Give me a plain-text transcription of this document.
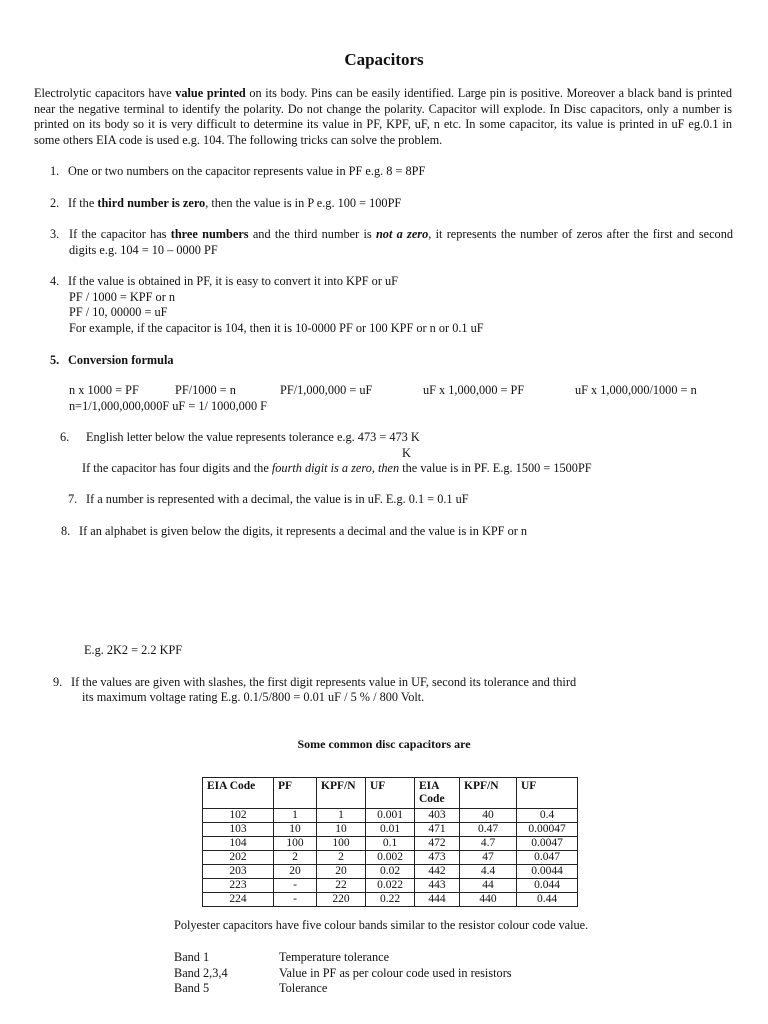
Capacitors
Electrolytic capacitors have value printed on its body. Pins can be easily identified. Large pin is positive. Moreover a black band is printed near the negative terminal to identify the polarity. Do not change the polarity. Capacitor will explode. In Disc capacitors, only a number is printed on its body so it is very difficult to determine its value in PF, KPF, uF, n etc. In some capacitor, its value is printed in uF eg.0.1 in some others EIA code is used e.g. 104. The following tricks can solve the problem.
1. One or two numbers on the capacitor represents value in PF e.g. 8 = 8PF
2. If the third number is zero, then the value is in P e.g. 100 = 100PF
3. If the capacitor has three numbers and the third number is not a zero, it represents the number of zeros after the first and second digits e.g. 104 = 10 – 0000 PF
4. If the value is obtained in PF, it is easy to convert it into KPF or uF
PF / 1000 = KPF or n
PF / 10, 00000 = uF
For example, if the capacitor is 104, then it is 10-0000 PF or 100 KPF or n or 0.1 uF
5. Conversion formula
n x 1000 = PF	PF/1000 = n	PF/1,000,000 = uF	uF x 1,000,000 = PF	uF x 1,000,000/1000 = n
n=1/1,000,000,000F uF = 1/ 1000,000 F
6. English letter below the value represents tolerance e.g. 473 = 473 K
K
If the capacitor has four digits and the fourth digit is a zero, then the value is in PF. E.g. 1500 = 1500PF
7. If a number is represented with a decimal, the value is in uF. E.g. 0.1 = 0.1 uF
8. If an alphabet is given below the digits, it represents a decimal and the value is in KPF or n
E.g. 2K2 = 2.2 KPF
9. If the values are given with slashes, the first digit represents value in UF, second its tolerance and third
its maximum voltage rating E.g. 0.1/5/800 = 0.01 uF / 5 % / 800 Volt.
Some common disc capacitors are
EIA Code	PF	KPF/N	UF	EIA Code	KPF/N	UF
102	1	1	0.001	403	40	0.4
103	10	10	0.01	471	0.47	0.00047
104	100	100	0.1	472	4.7	0.0047
202	2	2	0.002	473	47	0.047
203	20	20	0.02	442	4.4	0.0044
223	-	22	0.022	443	44	0.044
224	-	220	0.22	444	440	0.44
Polyester capacitors have five colour bands similar to the resistor colour code value.
Band 1	Temperature tolerance
Band 2,3,4	Value in PF as per colour code used in resistors
Band 5	Tolerance
